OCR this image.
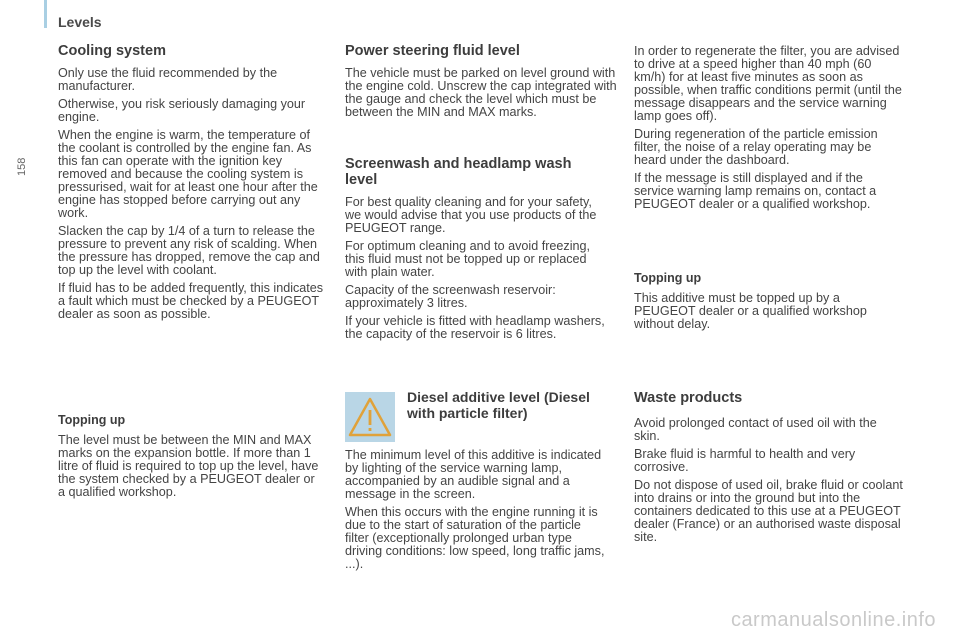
Levels
158
Cooling system

Only use the fluid recommended by the manufacturer.

Otherwise, you risk seriously damaging your engine.

When the engine is warm, the temperature of the coolant is controlled by the engine fan. As this fan can operate with the ignition key removed and because the cooling system is pressurised, wait for at least one hour after the engine has stopped before carrying out any work.

Slacken the cap by 1/4 of a turn to release the pressure to prevent any risk of scalding. When the pressure has dropped, remove the cap and top up the level with coolant.

If fluid has to be added frequently, this indicates a fault which must be checked by a PEUGEOT dealer as soon as possible.

Topping up

The level must be between the MIN and MAX marks on the expansion bottle. If more than 1 litre of fluid is required to top up the level, have the system checked by a PEUGEOT dealer or a qualified workshop.

Power steering fluid level

The vehicle must be parked on level ground with the engine cold. Unscrew the cap integrated with the gauge and check the level which must be between the MIN and MAX marks.

Screenwash and headlamp wash level

For best quality cleaning and for your safety, we would advise that you use products of the PEUGEOT range.

For optimum cleaning and to avoid freezing, this fluid must not be topped up or replaced with plain water.

Capacity of the screenwash reservoir: approximately 3 litres.

If your vehicle is fitted with headlamp washers, the capacity of the reservoir is 6 litres.

Diesel additive level (Diesel with particle filter)

The minimum level of this additive is indicated by lighting of the service warning lamp, accompanied by an audible signal and a message in the screen.

When this occurs with the engine running it is due to the start of saturation of the particle filter (exceptionally prolonged urban type driving conditions: low speed, long traffic jams, ...).

In order to regenerate the filter, you are advised to drive at a speed higher than 40 mph (60 km/h) for at least five minutes as soon as possible, when traffic conditions permit (until the message disappears and the service warning lamp goes off).

During regeneration of the particle emission filter, the noise of a relay operating may be heard under the dashboard.

If the message is still displayed and if the service warning lamp remains on, contact a PEUGEOT dealer or a qualified workshop.

Topping up

This additive must be topped up by a PEUGEOT dealer or a qualified workshop without delay.

Waste products

Avoid prolonged contact of used oil with the skin.

Brake fluid is harmful to health and very corrosive.

Do not dispose of used oil, brake fluid or coolant into drains or into the ground but into the containers dedicated to this use at a PEUGEOT dealer (France) or an authorised waste disposal site.

carmanualsonline.info
